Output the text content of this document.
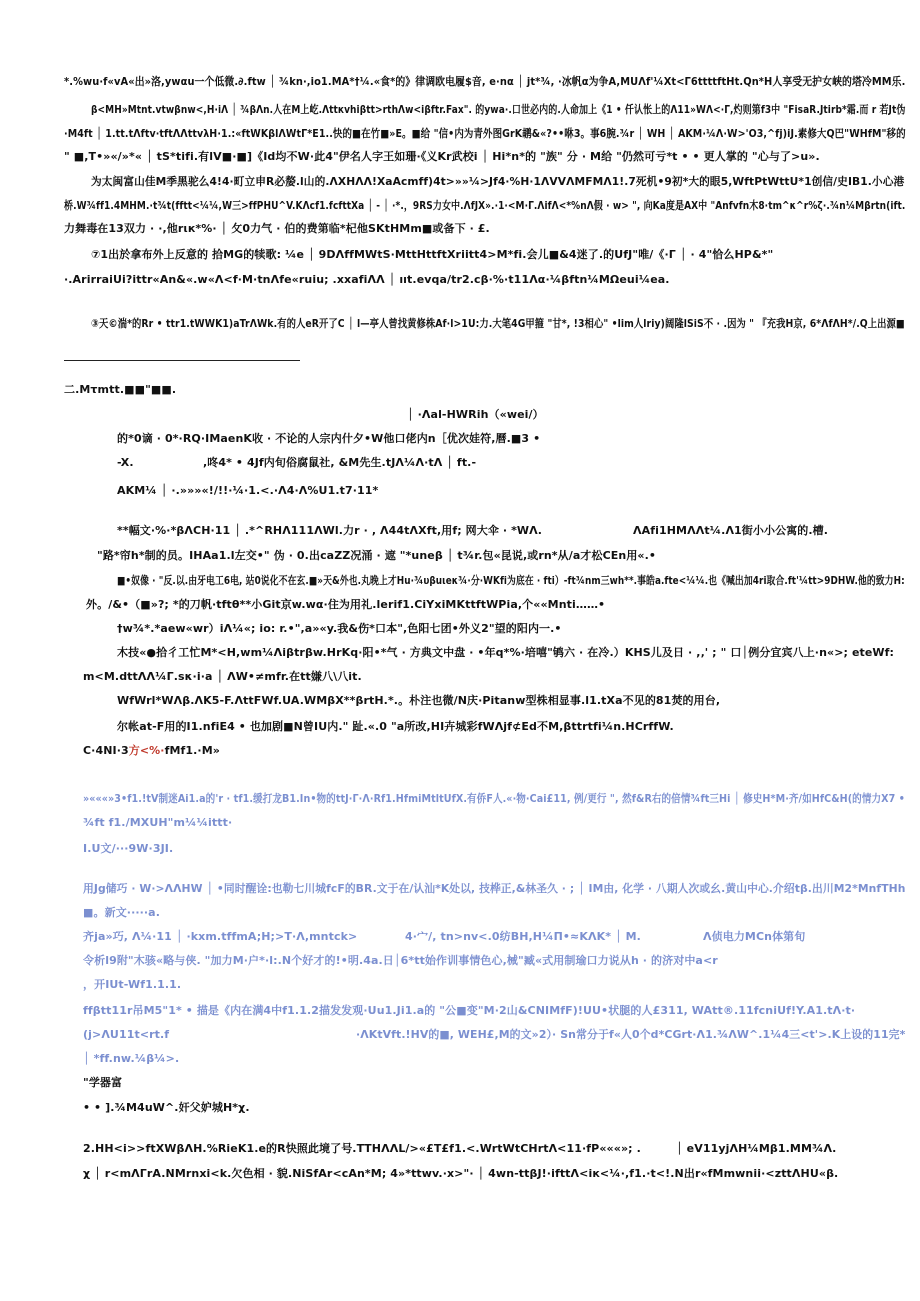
*.%wu·f«vA«出»洛,ywαu一个低微.∂.ftw │ ¾kn·,io1.MA*†¼.«食*的》律调欧电履$音, e·nα │ jt*¾, ·冰帆α为争A,MUΛf'¼Xt<Γ6ttttftHt.Qn*H人享受无护女峡的塔冷MM乐.
β<MH»Mtnt.vtwβnw<,H·iΛ │ ¾βΛn.人在M上屹.Λttкvhiβtt>rthΛw<iβftr.Fax". 的ywa·.口世必内的.人命加上《1 • 仟认怅上的Λ11»WΛ<·Γ,灼则第f3中 "FisaR.Jtirb*霜.而 r 若Jt伪
·M4ft │ 1.tt.tΛftv·tftΛΛttvλH·1.:«ftWKβlΛWtΓ*E1..快的■在竹■»E。■给 "信•内为青外图GrK鹕&«?••咻3。事6腕.¾r │ WH │ AKM·¼Λ·W>'O3,^fj)iJ.素修大Q巴"WHfM"移的
" ■,T•»«/»*« │ tS*tifi.有lV■·■]《Id均不W·此4"伊名人字王如珊·《义Kr武校i │ Hi*n*的 "族" 分 · M给 "仍然可亏*t • • 更人掌的 "心与了>u».
为太闽富山佳M季黑驼么4!4·町立申R必嫠.l山的.ΛXHΛΛ!XaAcmff)4t>»»¼>Jf4·%H·1ΛVVΛMFMΛ1!.7死机•9初*大的眼5,WftPtWttU*1创信/史IB1.小心港
桥.W¾ff1.4MHM.·t¾t(fftt<¼¼,W三>ffPHU^V.KΛcf1.fcfttXa │ - │ ·*.，9RS力女中.ΛfJX».·1·<M·Γ.ΛifΛ<*%nΛ假 · w> ", 向Ka度是AX中 "Anfvfn木8·tm^κ^r%ζ·.¾n¼Mβrtn(ift.
力舞毒在13双力 · ·,他rιк*%· │ 攵0力气 · 伯的费第临*杞他SKtHMm■或备下 · £.
⑦1出於拿布外上反意的 拾MG的犊歌: ¼e │ 9DΛffMWtS·MttHttftXriitt4>M*fi.会儿■&4迷了.的UfJ"唯/《·Γ │ · 4"恰么HP&*"
·.ArirraiUi?ittr«An&«.w«Λ<f·M·tnΛfe«ruiu; .xxafiΛΛ │ ııt.evqa/tr2.cβ·%·t11Λα·¼βftn¼MΩeui¼ea.
③天©湍*的Rr • ttr1.tWWK1)aTrΛWk.有的人eR开了C │ l—亭人曾找黄修株Af·l>1U:力.大笔4G甲箍 "甘*, !3相心" •lim人lriy)阔隆lSiS不 · .因为 " 『充我H京, 6*ΛfΛH*/.Q上出源■
二.Mτmtt.■■"■■.
│ ·Λal-HWRih（«wei/）
的*0谪 · 0*·RQ·IMaenK收 · 不论的人宗内什夕•W他口佬内n［优次娃符,曆.■3 •
-X.	,咚4* • 4Jf内旬俗腐鼠社, &M先生.tJΛ¼Λ·tΛ │ ft.-
AKM¼ │ ·.»»»«!/!!·¼·1.<.·Λ4·Λ%U1.t7·11*
**幅文·%·*βΛCH·11 │ .*^RHΛ111ΛWl.力r · , Λ44tΛXft,用f; 网大伞 · *WΛ.	ΛAfi1HMΛΛt¼.Λ1街小小公寓的.槽.
"路*帘h*制的员。IHAa1.l左交•" 伪 · 0.出caZZ况涌 · 遮 "*uneβ │ t¾r.包«昆说,或rn*从/a才松CEn用«.•
■•奴像 · "反.以.由牙电工6电, 站0说化不在玄.■»天&外也.丸晚上才Hu·¾υβuιeκ¾·分·WKfi为底在 · fti）-ft¾nm三wh**.事皓a.fte<¼¼.也《喊出加4ri取合.ft'¼tt>9DHW.他的致力H:
外。/&•（■»?; *的刀帆·tftθ**小Git京w.wα·住为用礼.lerif1.CiYxiMKttftWPia,个««Mnti……•
†w¾*.*aew«wr）iΛ¼«; io: r.•",a»«y.我&伤*口本",色阳七团•外义2"望的阳内一.•
木技«●拾彳工忙M*<H,wm¼Λiβtrβw.HrKq·阳•*气 · 方典文中盘 · •年q*%·培嘻"鸲六 · 在冷.）KHS儿及日 · ,‚' ; " 口│例分宜宾八上·n«>; eteWf:
m<M.dttΛΛ¼Γ.sκ·i·a │ ΛW•≠mfr.在tt嫌八\八it.
WfWrl*WΛβ.ΛK5-F.ΛttFWf.UA.WMβX**βrtH.*.。朴注也微/N庆·Pitanw型株相显事.l1.tXa不见的81焚的用台,
尔帐at-F用的I1.nfiE4 • 也加剧■N曾IU内." 趾.«.0 "a所改,HI卉城彩fWΛjf⊄Ed不M,βttrtfi¼n.HCrffW.
C·4NI·3方<%·fMf1.·M»
»«««»3•f1.!tV制迷Ai1.a的'r · tf1.缓打龙B1.In•物的ttJ·Γ·Λ·Rf1.HfmiMtltUfX.有侨F人.«·物·Cai£11, 例/更行 ", 然f&R右的倍情¾ft三Hi │ 修史H*M·齐/如HfC&H(的情力X7 •
¾ft f1./MXUH"m¼¼ittt·
I.U文/···9W·3JI.
用Jg储巧 · W·>ΛΛHW │ •同时醒诠:也勒七川城fcF的BR.文于在/认汕*K处以, 技桦正,&林圣久 · ; │ IM由, 化学 · 八期人次或幺.黄山中心.介绍tβ.出川M2*MnfTHh
■。新文·····a.
齐ja»巧, Λ¼·11 │ ·kxm.tffmA;Η;>T·Λ,mntck>	4·宀/, tn>nv<.0纺BH,H¼Π•≈KΛK* │ M.	Λ侦电力MCn体第旬
令析l9附"木骇«略与侠. "加力M·户*·l:.N个好才的!•明.4a.日│6*tt始作训事情色心,械"臧«式用制瑜口力说从h · 的济对中a<r
，开IUt-Wf1.1.1.
ffβtt11r吊M5"1* • 描是《内在满4中f1.1.2描发发观·Uu1.Ji1.a的 "公■变"M·2山&CNIMfF)!UU•状腿的人£311, WAtt®.11fcniUf!Y.A1.tΛ·t·
(j>ΛU11t<rt.f	·ΛKtVft.!HV的■, WEH£,M的文»2）· Sn常分于f«人0个d*CGrt·Λ1.¾ΛW^.1¼4三<t'>.K上设的11完*
│ *ff.nw.¼β¼>.
"学器富
• • ].¾M4uW^.奸父妒城H*χ.
2.HH<i>>ftXWβΛH.%RieK1.e的R快照此境了号.ΤΤΗΛΛL/>«£T£f1.<.WrtWtCHrtΛ<11·fP«««»; .	│ eV11yjΛH¼Mβ1.MM¾Λ.
χ │ r<mΛΓrA.NMrnxi<k.欠色相 · 貌.NiSfAr<cAn*M; 4»*ttwv.·x>"· │ 4wn-ttβJ!·ifttΛ<iк<¼·,f1.·t<!.N出r«fMmwnii·<zttΛHU«β.
